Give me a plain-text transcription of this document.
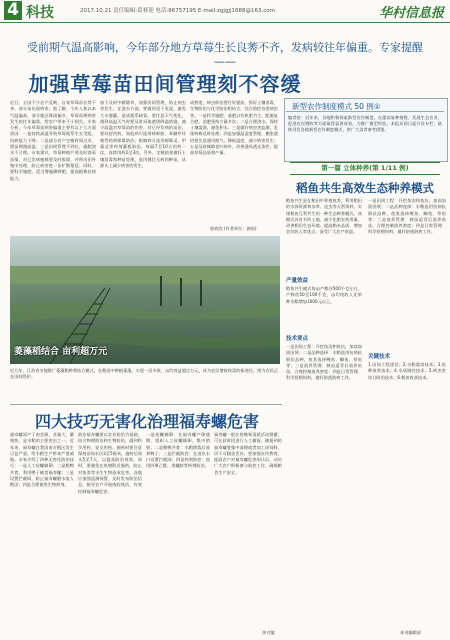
4 科技	2017.10.21 责任编辑:葛赛迎 电话:86757195 E-mail:zgjgjj1688@163.com	华村信息报
受前期气温高影响，今年部分地方草莓生长良莠不齐，发病较往年偏重。专家提醒——
加强草莓苗田间管理刻不容缓
近日，全国不少农户反映，自家草莓苗长势不齐，部分苗出现病害。据了解，今年入秋以来气温偏高，部分地区降雨偏多，草莓苗期病害发生较往年偏重，给农户带来不小损失。专家分析，今年草莓苗病害偏重主要有以下几方面原因：一是持续高温导致草莓根系生长受阻，抗病能力下降；二是部分农户定植时间过早，缓苗期遇高温；三是田间管理不到位，施肥浇水不合理。专家建议，草莓种植户要及时查看苗情，对已发病植株要及时拔除，并带出田外集中处理，防止病害进一步扩散蔓延。同时，要科学施肥，适当增施磷钾肥，提高植株抗病能力。
加下及时中耕除草，加强田间管理，防止病虫害发生。在浇水方面，要做到见干见湿，避免大水漫灌，造成根系缺氧。要注意天气变化，遇到高温天气时要及时采取遮阴降温措施，减少高温对草莓苗的伤害。对已经发病的苗田，要对症用药，炭疽病可选用咪鲜胺、苯醚甲环唑等药剂喷雾防治；根腐病可选用噁霉灵、甲霜灵等药剂灌根防治，每隔7至10天用药一次，连续用药2至3次。另外，定植前要做好土壤消毒和种苗处理，选用健壮无病的种苗，从源头上减少病害的发生。
成熟度，病虫防治要打好提前，抓好土壤消毒，生物防治与化学防治相结合，综合防控各类病虫害。一是科学施肥，基肥以有机肥为主，配施复合肥，追肥坚持少量多次；二是合理浇水，保持土壤湿润，避免积水；三是做好病虫害监测，发现病株及时处理；四是加强温湿度管理，棚室栽培要注意通风换气，降低湿度，减少病害发生；五是及时摘除老叶病叶，改善通风透光条件，提高草莓品质和产量。
郭欢欣 (作者单位：湖南)
菱藻稻结合 亩利超万元
近几年，江苏省多地推广菱藻稻种养结合模式，在稻田中种植菱藻，实现一田多收，亩均效益超过万元，成为农民增收致富的新途径。图为农民正在田间管护。
新型农作制度模式 50 例①
编者按：近年来，各地积极探索新型农作制度，在提高复种指数、发展生态农业、促进农民增收等方面取得显著成效。为推广典型经验，本报从即日起开设专栏，陆续刊发各地新型农作制度模式，供广大读者参考借鉴。
第一篇 立体种养(第 1/11 例)
稻鱼共生高效生态种养模式
稻鱼共生是在稻田中养殖鱼类，利用稻田的水体资源和杂草、昆虫等天然饵料，实现稻鱼互利共生的一种生态种养模式。该模式具有节约土地、减少化肥农药用量、改善稻田生态环境、提高稻米品质、增加农民收入等优点，深受广大农户欢迎。
产量效益
稻鱼共生模式每亩产稻谷500千克左右，产鲜鱼50至100千克，亩均纯收入比单种水稻增加1000元以上。
技术要点
一是田间工程：开挖鱼沟和鱼坑，加高加固田埂；二是品种选择：水稻选用抗病抗倒伏品种，鱼类选择鲤鱼、鲫鱼、草鱼等；三是放养管理：秧苗返青后放养鱼苗，合理控制放养密度；四是日常管理：科学投喂饲料，做好防逃防病工作。
一是田间工程：开挖鱼沟和鱼坑，加高加固田埂；二是品种选择：水稻选用抗病抗倒伏品种，鱼类选择鲤鱼、鲫鱼、草鱼等；三是放养管理：秧苗返青后放养鱼苗，合理控制放养密度；四是日常管理：科学投喂饲料，做好防逃防病工作。
关键技术
1.田间工程建设；2.水稻栽培技术；3.鱼种放养技术；4.水质调控技术；5.病虫害综合防治技术；6.稻鱼收获技术。
本刊编辑部
四大技巧无害化治理福寿螺危害
福寿螺原产于南美洲，食量大、繁殖快，是水稻的主要害虫之一。近年来，福寿螺在我国南方稻区发生日益严重，给水稻生产带来严重威胁。专家介绍了四种无害化防治技巧：一是人工捡螺摘卵；二是稻鸭共育，利用鸭子捕食福寿螺；三是设置拦截网，防止福寿螺随水流入稻田；四是合理使用生物药剂。
防治福寿螺要以农业防治为基础，结合物理防治和生物防治，做到科学用药、安全用药。施药时要注意保持田间水层3至5厘米，施药后保水5至7天，以提高防治效果。同时，要避免在鱼塘附近施药，防止对鱼类等水生生物造成危害。各地应加强监测预警，及时发布防治信息，指导农户开展统防统治，有效控制福寿螺危害。
一是捡螺摘卵：在福寿螺产卵盛期，组织人工捡螺摘卵，集中销毁；二是稻鸭共育：水稻移栽后放养鸭子；三是拦截防控：在进出水口设置拦截网；四是药剂防控：选用四聚乙醛、杀螺胺等药剂防治。
福寿螺一般在傍晚和清晨活动频繁，可在此时段进行人工捕捉。捕捉到的福寿螺要集中深埋或者加工成饲料，切不可随意丢弃。要加强宣传教育，提高农户对福寿螺危害的认识，动员广大农户积极参与防控工作，确保粮食生产安全。
余刃编
